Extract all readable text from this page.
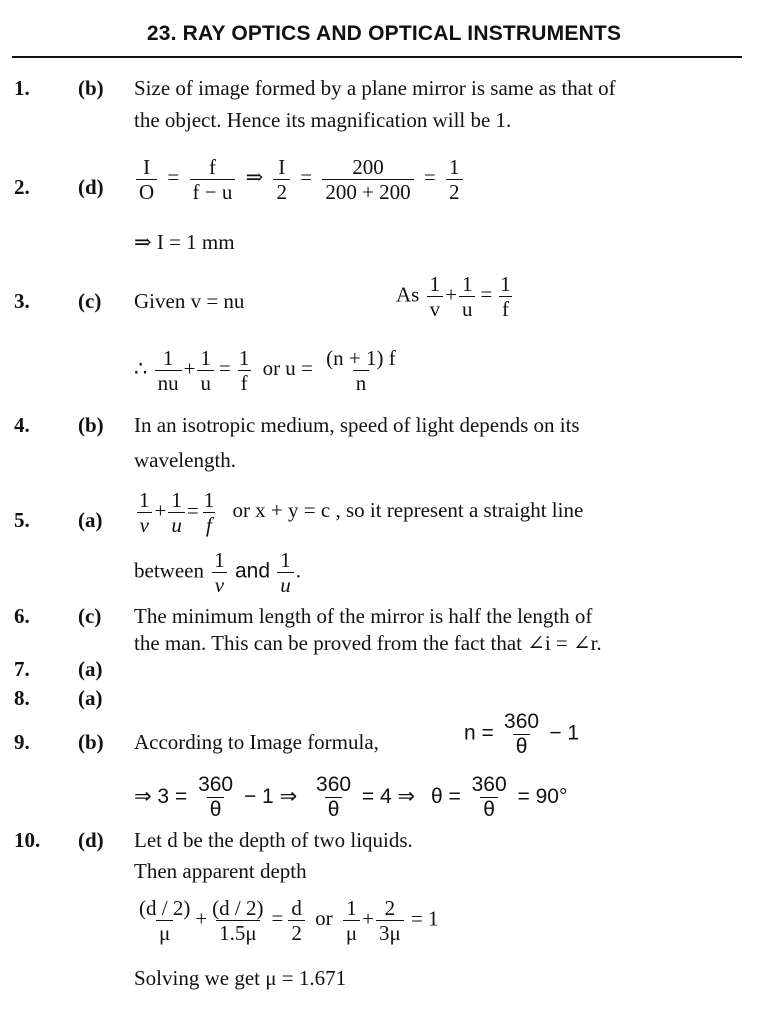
23. RAY OPTICS AND OPTICAL INSTRUMENTS
1. (b) Size of image formed by a plane mirror is same as that of
the object. Hence its magnification will be 1.
2. $(d) \frac{I}{O} = \frac{f}{f - u}$ ⇒ $\frac{I}{2} = \frac{200}{200 + 200} = \frac{1}{2}$
⇒ I = 1 mm
3. (c) Given v = nu	As $\frac{1}{v} + \frac{1}{u} = \frac{1}{f}$
∴ $\frac{1}{nu} + \frac{1}{u} = \frac{1}{f}$ or $u = \frac{(n + 1) f}{n}$
4. (b) In an isotropic medium, speed of light depends on its
wavelength.
5. $(a) \frac{1}{v} + \frac{1}{u} = \frac{1}{f}$ or x + y = c , so it represent a straight line
between $\frac{1}{v}$ and $\frac{1}{u}$ .
6. (c) The minimum length of the mirror is half the length of
the man. This can be proved from the fact that ∠i = ∠r.
7. (a)
8. (a)
9. (b) According to Image formula,	$n = \frac{360}{\theta} - 1$
⇒ $3 = \frac{360}{\theta} - 1$ ⇒ $\frac{360}{\theta} = 4$ ⇒ $\theta = \frac{360}{\theta} = 90^\circ$
10. (d) Let d be the depth of two liquids.
Then apparent depth
$\frac{(d / 2)}{\mu} + \frac{(d / 2)}{1.5\mu} = \frac{d}{2}$ or $\frac{1}{\mu} + \frac{2}{3\mu} = 1$
Solving we get μ = 1.671
